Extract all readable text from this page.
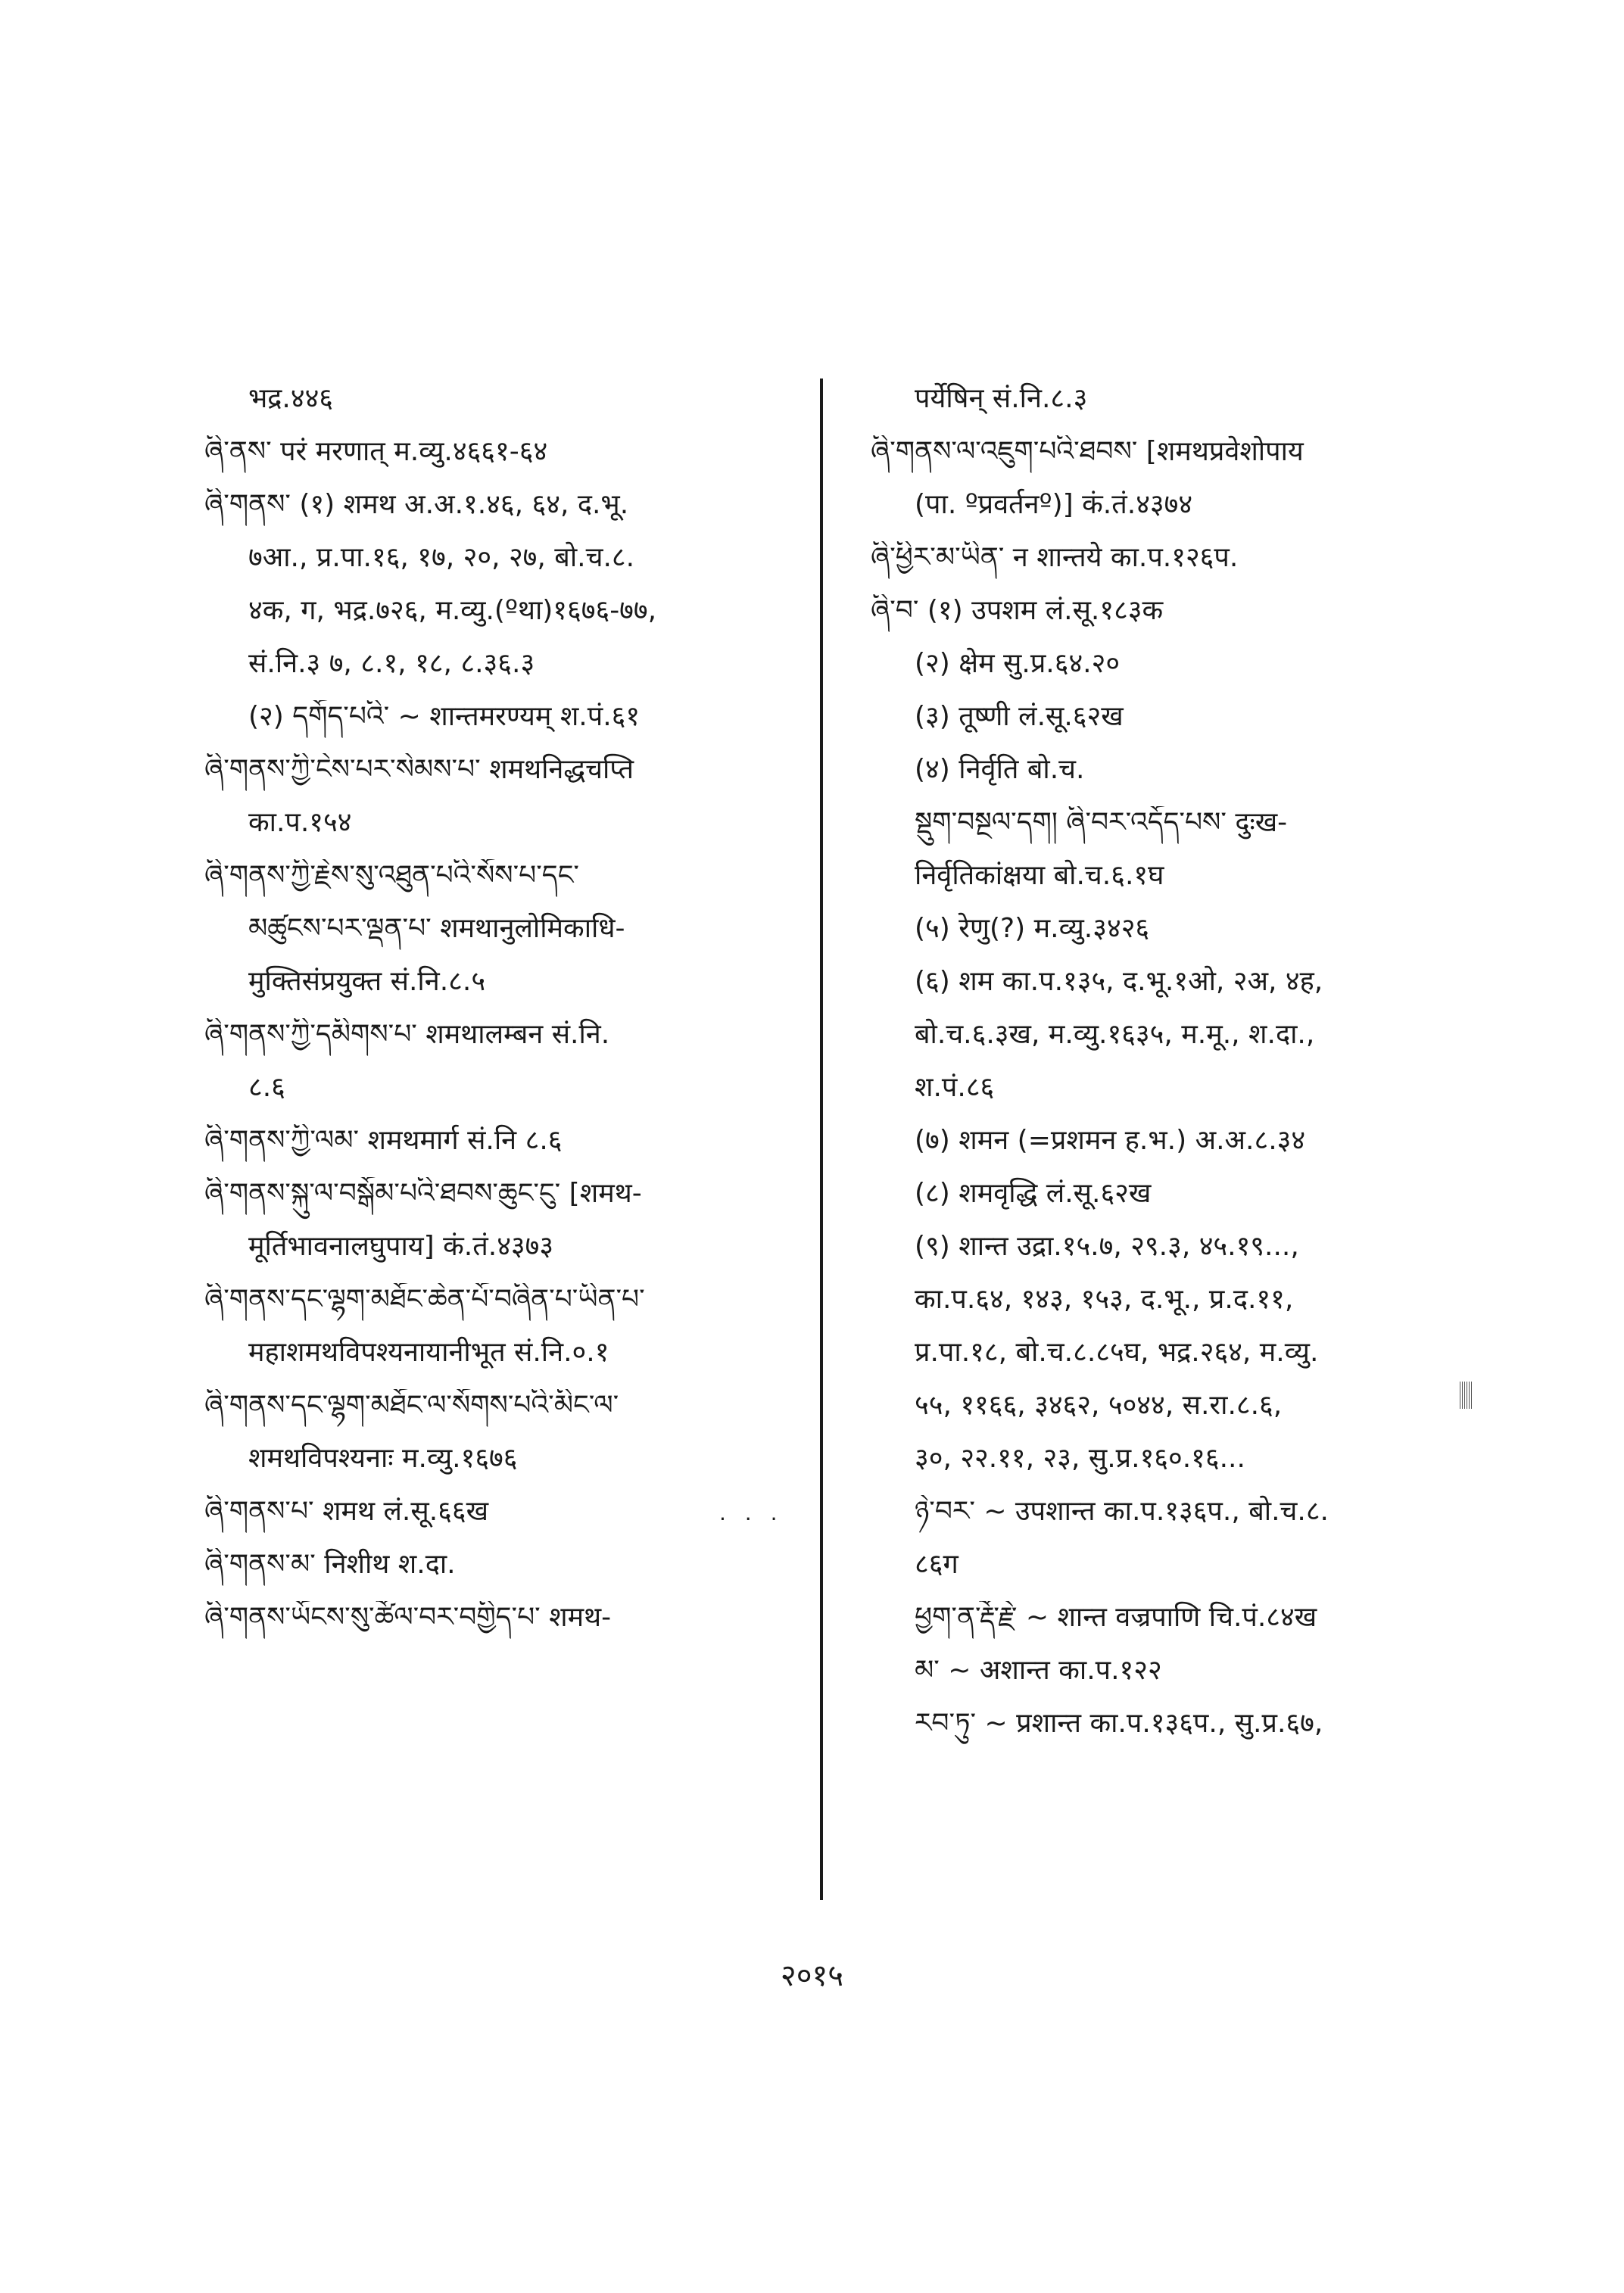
भद्र.४४६
ཞི་ནས་ परं मरणात् म.व्यु.४६६१-६४
ཞི་གནས་ (१) शमथ अ.अ.१.४६, ६४, द.भू.
७आ., प्र.पा.१६, १७, २०, २७, बो.च.८.
४क, ग, भद्र.७२६, म.व्यु.(ºथा)१६७६-७७,
सं.नि.३ ७, ८.१, १८, ८.३६.३
(२) དགོད་པའི་ ~ शान्तमरण्यम् श.पं.६१
ཞི་གནས་ཀྱི་ངེས་པར་སེམས་པ་ शमथनिद्धचप्ति
का.प.१५४
ཞི་གནས་ཀྱི་རྗེས་སུ་འཐུན་པའི་སོས་པ་དང་
མཚུངས་པར་ལྡན་པ་ शमथानुलोमिकाधि-
मुक्तिसंप्रयुक्त सं.नि.८.५
ཞི་གནས་ཀྱི་དམིགས་པ་ शमथालम्बन सं.नि.
८.६
ཞི་གནས་ཀྱི་ལམ་ शमथमार्ग सं.नि ८.६
ཞི་གནས་སྐུ་ལ་བསྒོམ་པའི་ཐབས་ཆུང་ངུ་ [शमथ-
मूर्तिभावनालघुपाय] कं.तं.४३७३
ཞི་གནས་དང་ལྷག་མཐོང་ཆེན་པོ་བཞིན་པ་ཡིན་པ་
महाशमथविपश्यनायानीभूत सं.नि.०.१
ཞི་གནས་དང་ལྷག་མཐོང་ལ་སོགས་པའི་མིང་ལ་
शमथविपश्यनाः म.व्यु.१६७६
ཞི་གནས་པ་ शमथ लं.सू.६६ख
ཞི་གནས་མ་ निशीथ श.दा.
ཞི་གནས་ཡོངས་སུ་ཚོལ་བར་བགྱིད་པ་ शमथ-
पर्येषिन् सं.नि.८.३
ཞི་གནས་ལ་འཇུག་པའི་ཐབས་ [शमथप्रवेशोपाय
(पा. ºप्रवर्तनº)] कं.तं.४३७४
ཞི་ཕྱིར་མ་ཡིན་ न शान्तये का.प.१२६प.
ཞི་བ་ (१) उपशम लं.सू.१८३क
(२) क्षेम सु.प्र.६४.२०
(३) तूष्णी लं.सू.६२ख
(४) निर्वृति बो.च.
སྡུག་བསྔལ་དག། ཞི་བར་འདོད་པས་ दुःख-
निर्वृतिकांक्षया बो.च.६.१घ
(५) रेणु(?) म.व्यु.३४२६
(६) शम का.प.१३५, द.भू.१ओ, २अ, ४ह,
बो.च.६.३ख, म.व्यु.१६३५, म.मू., श.दा.,
श.पं.८६
(७) शमन (=प्रशमन ह.भ.) अ.अ.८.३४
(८) शमवृद्धि लं.सू.६२ख
(९) शान्त उद्रा.१५.७, २९.३, ४५.१९...,
का.प.६४, १४३, १५३, द.भू., प्र.द.११,
प्र.पा.१८, बो.च.८.८५घ, भद्र.२६४, म.व्यु.
५५, ११६६, ३४६२, ५०४४, स.रा.८.६,
३०, २२.११, २३, सु.प्र.१६०.१६...
ཉེ་བར་ ~ उपशान्त का.प.१३६प., बो.च.८.
८६ग
ཕྱག་ན་རྡོ་རྗེ་ ~ शान्त वज्रपाणि चि.पं.८४ख
མ་ ~ अशान्त का.प.१२२
རབ་ཏུ་ ~ प्रशान्त का.प.१३६प., सु.प्र.६७,
· · ·
२०१५
